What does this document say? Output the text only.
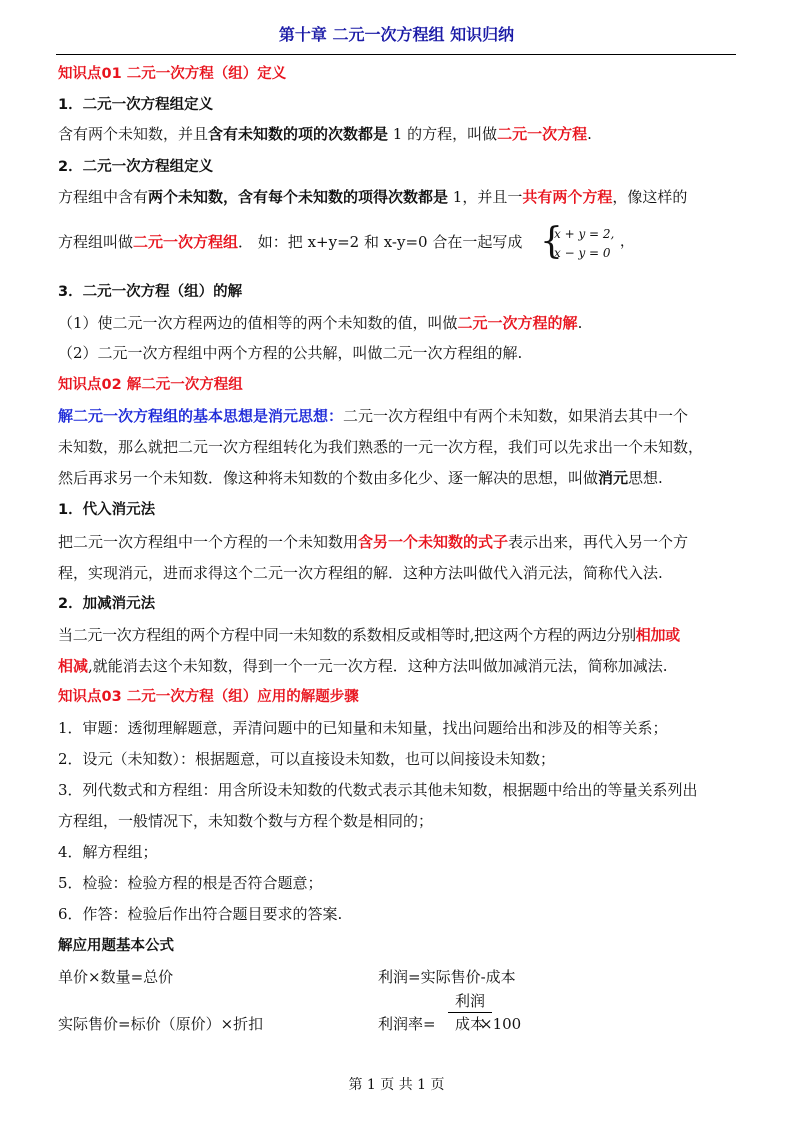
第十章 二元一次方程组 知识归纳
知识点01 二元一次方程（组）定义
1．二元一次方程组定义
含有两个未知数，并且含有未知数的项的次数都是 1 的方程，叫做二元一次方程.
2．二元一次方程组定义
方程组中含有两个未知数，含有每个未知数的项得次数都是 1，并且一共有两个方程，像这样的
方程组叫做二元一次方程组． 如：把 x+y=2 和 x-y=0 合在一起写成 {
x + y = 2,
x − y = 0
，
3．二元一次方程（组）的解
（1）使二元一次方程两边的值相等的两个未知数的值，叫做二元一次方程的解.
（2）二元一次方程组中两个方程的公共解，叫做二元一次方程组的解.
知识点02 解二元一次方程组
解二元一次方程组的基本思想是消元思想：二元一次方程组中有两个未知数，如果消去其中一个
未知数，那么就把二元一次方程组转化为我们熟悉的一元一次方程，我们可以先求出一个未知数，
然后再求另一个未知数．像这种将未知数的个数由多化少、逐一解决的思想，叫做消元思想.
1．代入消元法
把二元一次方程组中一个方程的一个未知数用含另一个未知数的式子表示出来，再代入另一个方
程，实现消元，进而求得这个二元一次方程组的解．这种方法叫做代入消元法，简称代入法.
2．加减消元法
当二元一次方程组的两个方程中同一未知数的系数相反或相等时,把这两个方程的两边分别相加或
相减,就能消去这个未知数，得到一个一元一次方程．这种方法叫做加减消元法，简称加减法.
知识点03 二元一次方程（组）应用的解题步骤
1．审题：透彻理解题意，弄清问题中的已知量和未知量，找出问题给出和涉及的相等关系；
2．设元（未知数）：根据题意，可以直接设未知数，也可以间接设未知数；
3．列代数式和方程组：用含所设未知数的代数式表示其他未知数，根据题中给出的等量关系列出
方程组，一般情况下，未知数个数与方程个数是相同的；
4．解方程组；
5．检验：检验方程的根是否符合题意；
6．作答：检验后作出符合题目要求的答案.
解应用题基本公式
单价×数量=总价	利润=实际售价-成本
实际售价=标价（原价）×折扣	利润率=
利润
成本
×100
第 1 页 共 1 页
